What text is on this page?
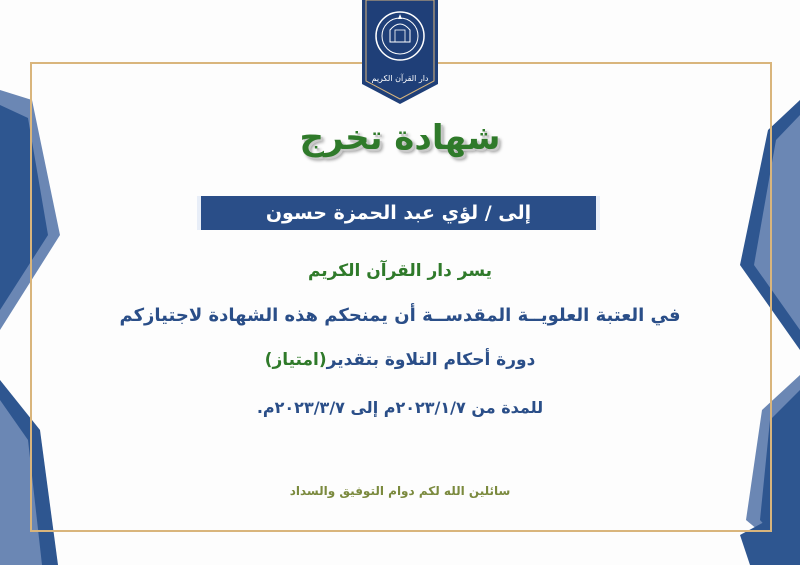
دار القرآن الكريم
شهادة تخرج
إلى / لؤي عبد الحمزة حسون
يسر دار القرآن الكريم
في العتبة العلويــة المقدســة أن يمنحكم هذه الشهادة لاجتيازكم
دورة أحكام التلاوة بتقدير(امتياز)
للمدة من ٢٠٢٣/١/٧م إلى ٢٠٢٣/٣/٧م.
سائلين الله لكم دوام التوفيق والسداد
